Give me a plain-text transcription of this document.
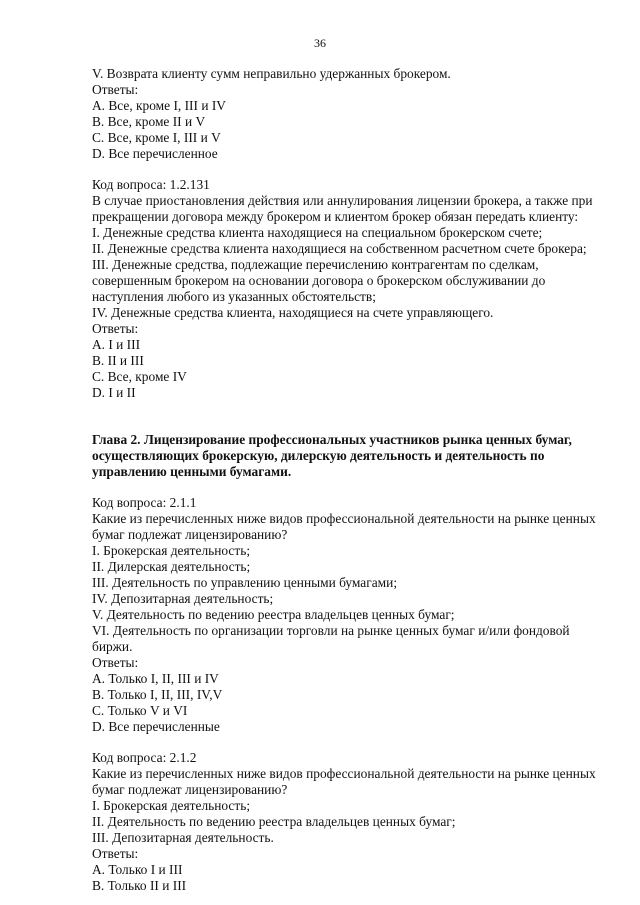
36
V. Возврата клиенту сумм неправильно удержанных брокером.
Ответы:
A. Все, кроме I, III и IV
B. Все, кроме II и V
C. Все, кроме I, III и V
D. Все перечисленное
Код вопроса: 1.2.131
В случае приостановления действия или аннулирования лицензии брокера, а также при
прекращении договора между брокером и клиентом брокер обязан передать клиенту:
I. Денежные средства клиента находящиеся на специальном брокерском счете;
II. Денежные средства клиента находящиеся на собственном расчетном счете брокера;
III. Денежные средства, подлежащие перечислению контрагентам по сделкам,
совершенным брокером на основании договора о брокерском обслуживании до
наступления любого из указанных обстоятельств;
IV. Денежные средства клиента, находящиеся на счете управляющего.
Ответы:
A. I и III
B. II и III
C. Все, кроме IV
D. I и II
Глава 2. Лицензирование профессиональных участников рынка ценных бумаг, осуществляющих брокерскую, дилерскую деятельность и деятельность по управлению ценными бумагами.
Код вопроса: 2.1.1
Какие из перечисленных ниже видов профессиональной деятельности на рынке ценных
бумаг подлежат лицензированию?
I. Брокерская деятельность;
II. Дилерская деятельность;
III. Деятельность по управлению ценными бумагами;
IV. Депозитарная деятельность;
V. Деятельность по ведению реестра владельцев ценных бумаг;
VI. Деятельность по организации торговли на рынке ценных бумаг и/или фондовой
биржи.
Ответы:
A. Только I, II, III и IV
B. Только I, II, III, IV,V
C. Только V и VI
D. Все перечисленные
Код вопроса: 2.1.2
Какие из перечисленных ниже видов профессиональной деятельности на рынке ценных
бумаг подлежат лицензированию?
I. Брокерская деятельность;
II. Деятельность по ведению реестра владельцев ценных бумаг;
III. Депозитарная деятельность.
Ответы:
A. Только I и III
B. Только II и III
